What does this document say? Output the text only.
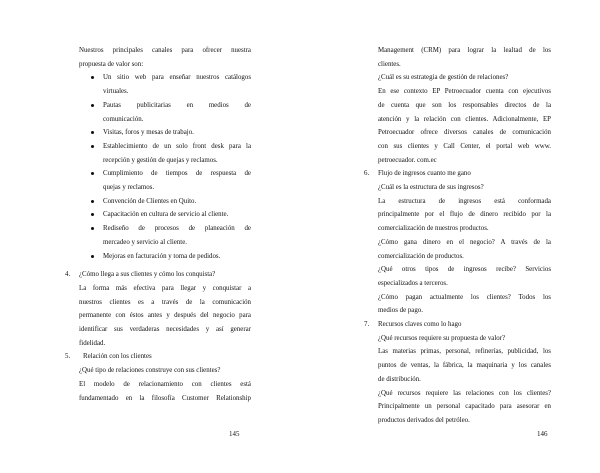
Nuestros principales canales para ofrecer nuestra

propuesta de valor son:

Un sitio web para enseñar nuestros catálogos

virtuales.

Pautas publicitarias en medios de

comunicación.

Visitas, foros y mesas de trabajo.

Establecimiento de un solo front desk para la

recepción y gestión de quejas y reclamos.

Cumplimiento de tiempos de respuesta de

quejas y reclamos.

Convención de Clientes en Quito.

Capacitación en cultura de servicio al cliente.

Rediseño de procesos de planeación de

mercadeo y servicio al cliente.

Mejoras en facturación y toma de pedidos.

4. ¿Cómo llega a sus clientes y cómo los conquista?

La forma más efectiva para llegar y conquistar a

nuestros clientes es a través de la comunicación

permanente con éstos antes y después del negocio para

identificar sus verdaderas necesidades y así generar

fidelidad.

5.	Relación con los clientes

¿Qué tipo de relaciones construye con sus clientes?

El modelo de relacionamiento con clientes está

fundamentado en la filosofía Customer Relationship

145

Management (CRM) para lograr la lealtad de los

clientes.

¿Cuál es su estrategia de gestión de relaciones?

En ese contexto EP Petroecuador cuenta con ejecutivos

de cuenta que son los responsables directos de la

atención y la relación con clientes. Adicionalmente, EP

Petroecuador ofrece diversos canales de comunicación

con sus clientes y Call Center, el portal web www.

petroecuador. com.ec

6. Flujo de ingresos cuanto me gano

¿Cuál es la estructura de sus ingresos?

La estructura de ingresos está conformada

principalmente por el flujo de dinero recibido por la

comercialización de nuestros productos.

¿Cómo gana dinero en el negocio? A través de la

comercialización de productos.

¿Qué otros tipos de ingresos recibe? Servicios

especializados a terceros.

¿Cómo pagan actualmente los clientes? Todos los

medios de pago.

7. Recursos claves como lo hago

¿Qué recursos requiere su propuesta de valor?

Las materias primas, personal, refinerías, publicidad, los

puntos de ventas, la fábrica, la maquinaria y los canales

de distribución.

¿Qué recursos requiere las relaciones con los clientes?

Principalmente un personal capacitado para asesorar en

productos derivados del petróleo.

146
